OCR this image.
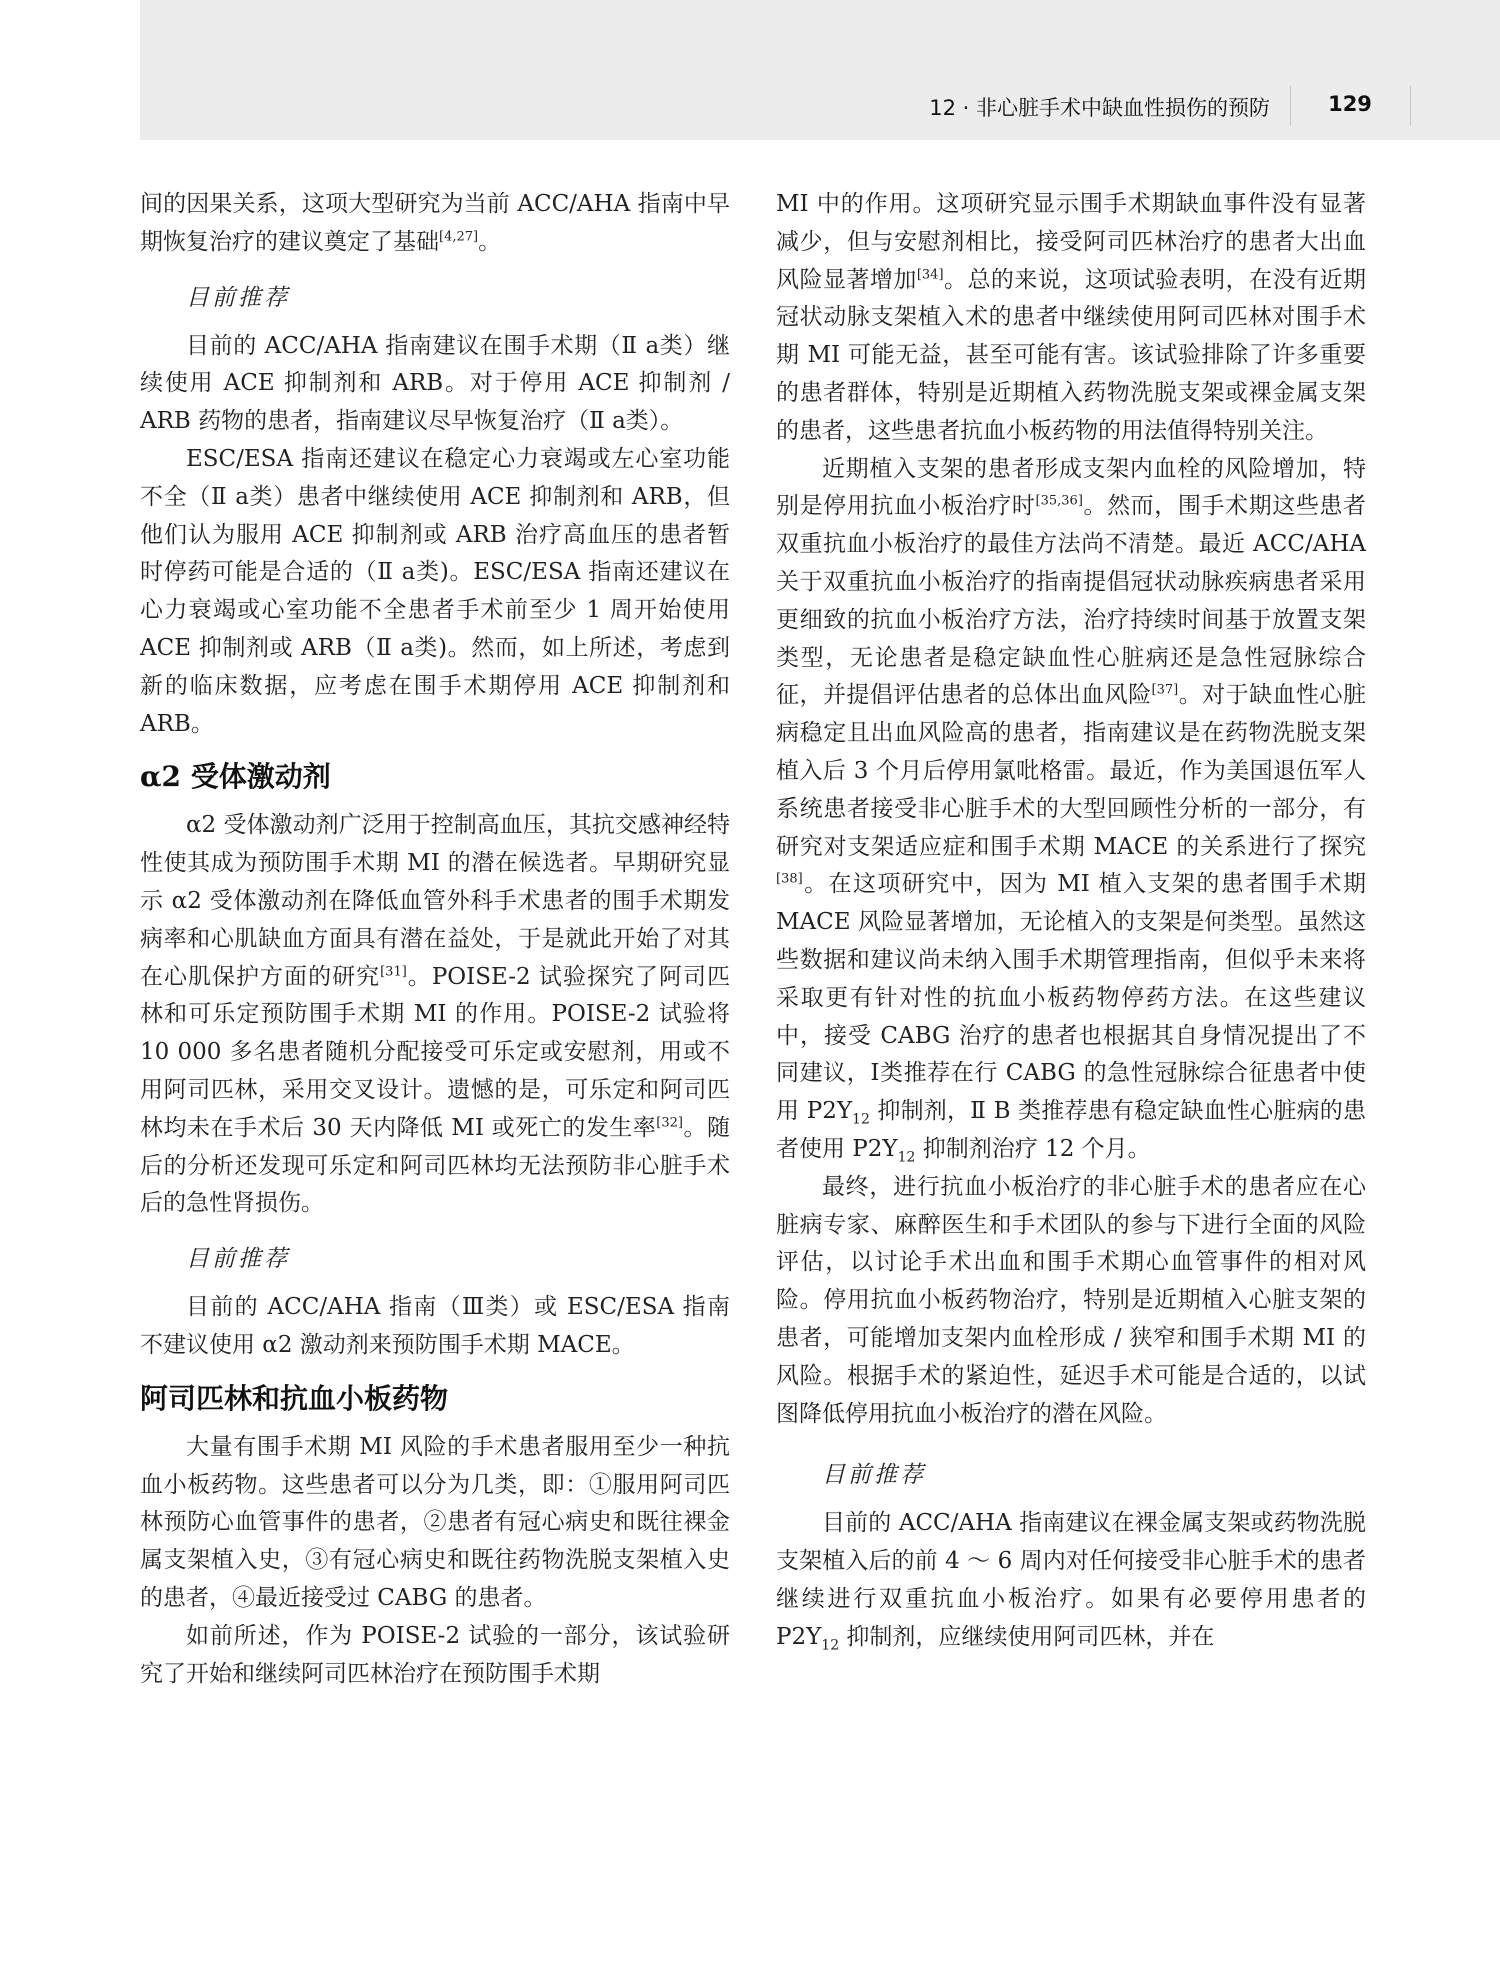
12 · 非心脏手术中缺血性损伤的预防	129

间的因果关系，这项大型研究为当前 ACC/AHA 指南中早期恢复治疗的建议奠定了基础[4,27]。

目前推荐

目前的 ACC/AHA 指南建议在围手术期（Ⅱ a类）继续使用 ACE 抑制剂和 ARB。对于停用 ACE 抑制剂 / ARB 药物的患者，指南建议尽早恢复治疗（Ⅱ a类）。

ESC/ESA 指南还建议在稳定心力衰竭或左心室功能不全（Ⅱ a类）患者中继续使用 ACE 抑制剂和 ARB，但他们认为服用 ACE 抑制剂或 ARB 治疗高血压的患者暂时停药可能是合适的（Ⅱ a类)。ESC/ESA 指南还建议在心力衰竭或心室功能不全患者手术前至少 1 周开始使用 ACE 抑制剂或 ARB（Ⅱ a类)。然而，如上所述，考虑到新的临床数据，应考虑在围手术期停用 ACE 抑制剂和 ARB。

α2 受体激动剂

α2 受体激动剂广泛用于控制高血压，其抗交感神经特性使其成为预防围手术期 MI 的潜在候选者。早期研究显示 α2 受体激动剂在降低血管外科手术患者的围手术期发病率和心肌缺血方面具有潜在益处，于是就此开始了对其在心肌保护方面的研究[31]。POISE-2 试验探究了阿司匹林和可乐定预防围手术期 MI 的作用。POISE-2 试验将 10 000 多名患者随机分配接受可乐定或安慰剂，用或不用阿司匹林，采用交叉设计。遗憾的是，可乐定和阿司匹林均未在手术后 30 天内降低 MI 或死亡的发生率[32]。随后的分析还发现可乐定和阿司匹林均无法预防非心脏手术后的急性肾损伤。

目前推荐

目前的 ACC/AHA 指南（Ⅲ类）或 ESC/ESA 指南不建议使用 α2 激动剂来预防围手术期 MACE。

阿司匹林和抗血小板药物

大量有围手术期 MI 风险的手术患者服用至少一种抗血小板药物。这些患者可以分为几类，即：①服用阿司匹林预防心血管事件的患者，②患者有冠心病史和既往裸金属支架植入史，③有冠心病史和既往药物洗脱支架植入史的患者，④最近接受过 CABG 的患者。

如前所述，作为 POISE-2 试验的一部分，该试验研究了开始和继续阿司匹林治疗在预防围手术期

MI 中的作用。这项研究显示围手术期缺血事件没有显著减少，但与安慰剂相比，接受阿司匹林治疗的患者大出血风险显著增加[34]。总的来说，这项试验表明，在没有近期冠状动脉支架植入术的患者中继续使用阿司匹林对围手术期 MI 可能无益，甚至可能有害。该试验排除了许多重要的患者群体，特别是近期植入药物洗脱支架或裸金属支架的患者，这些患者抗血小板药物的用法值得特别关注。

近期植入支架的患者形成支架内血栓的风险增加，特别是停用抗血小板治疗时[35,36]。然而，围手术期这些患者双重抗血小板治疗的最佳方法尚不清楚。最近 ACC/AHA 关于双重抗血小板治疗的指南提倡冠状动脉疾病患者采用更细致的抗血小板治疗方法，治疗持续时间基于放置支架类型，无论患者是稳定缺血性心脏病还是急性冠脉综合征，并提倡评估患者的总体出血风险[37]。对于缺血性心脏病稳定且出血风险高的患者，指南建议是在药物洗脱支架植入后 3 个月后停用氯吡格雷。最近，作为美国退伍军人系统患者接受非心脏手术的大型回顾性分析的一部分，有研究对支架适应症和围手术期 MACE 的关系进行了探究[38]。在这项研究中，因为 MI 植入支架的患者围手术期 MACE 风险显著增加，无论植入的支架是何类型。虽然这些数据和建议尚未纳入围手术期管理指南，但似乎未来将采取更有针对性的抗血小板药物停药方法。在这些建议中，接受 CABG 治疗的患者也根据其自身情况提出了不同建议，Ⅰ类推荐在行 CABG 的急性冠脉综合征患者中使用 $P2Y_{12}$ 抑制剂，Ⅱ B 类推荐患有稳定缺血性心脏病的患者使用 $P2Y_{12}$ 抑制剂治疗 12 个月。

最终，进行抗血小板治疗的非心脏手术的患者应在心脏病专家、麻醉医生和手术团队的参与下进行全面的风险评估，以讨论手术出血和围手术期心血管事件的相对风险。停用抗血小板药物治疗，特别是近期植入心脏支架的患者，可能增加支架内血栓形成 / 狭窄和围手术期 MI 的风险。根据手术的紧迫性，延迟手术可能是合适的，以试图降低停用抗血小板治疗的潜在风险。

目前推荐

目前的 ACC/AHA 指南建议在裸金属支架或药物洗脱支架植入后的前 4 ～ 6 周内对任何接受非心脏手术的患者继续进行双重抗血小板治疗。如果有必要停用患者的 $P2Y_{12}$ 抑制剂，应继续使用阿司匹林，并在
